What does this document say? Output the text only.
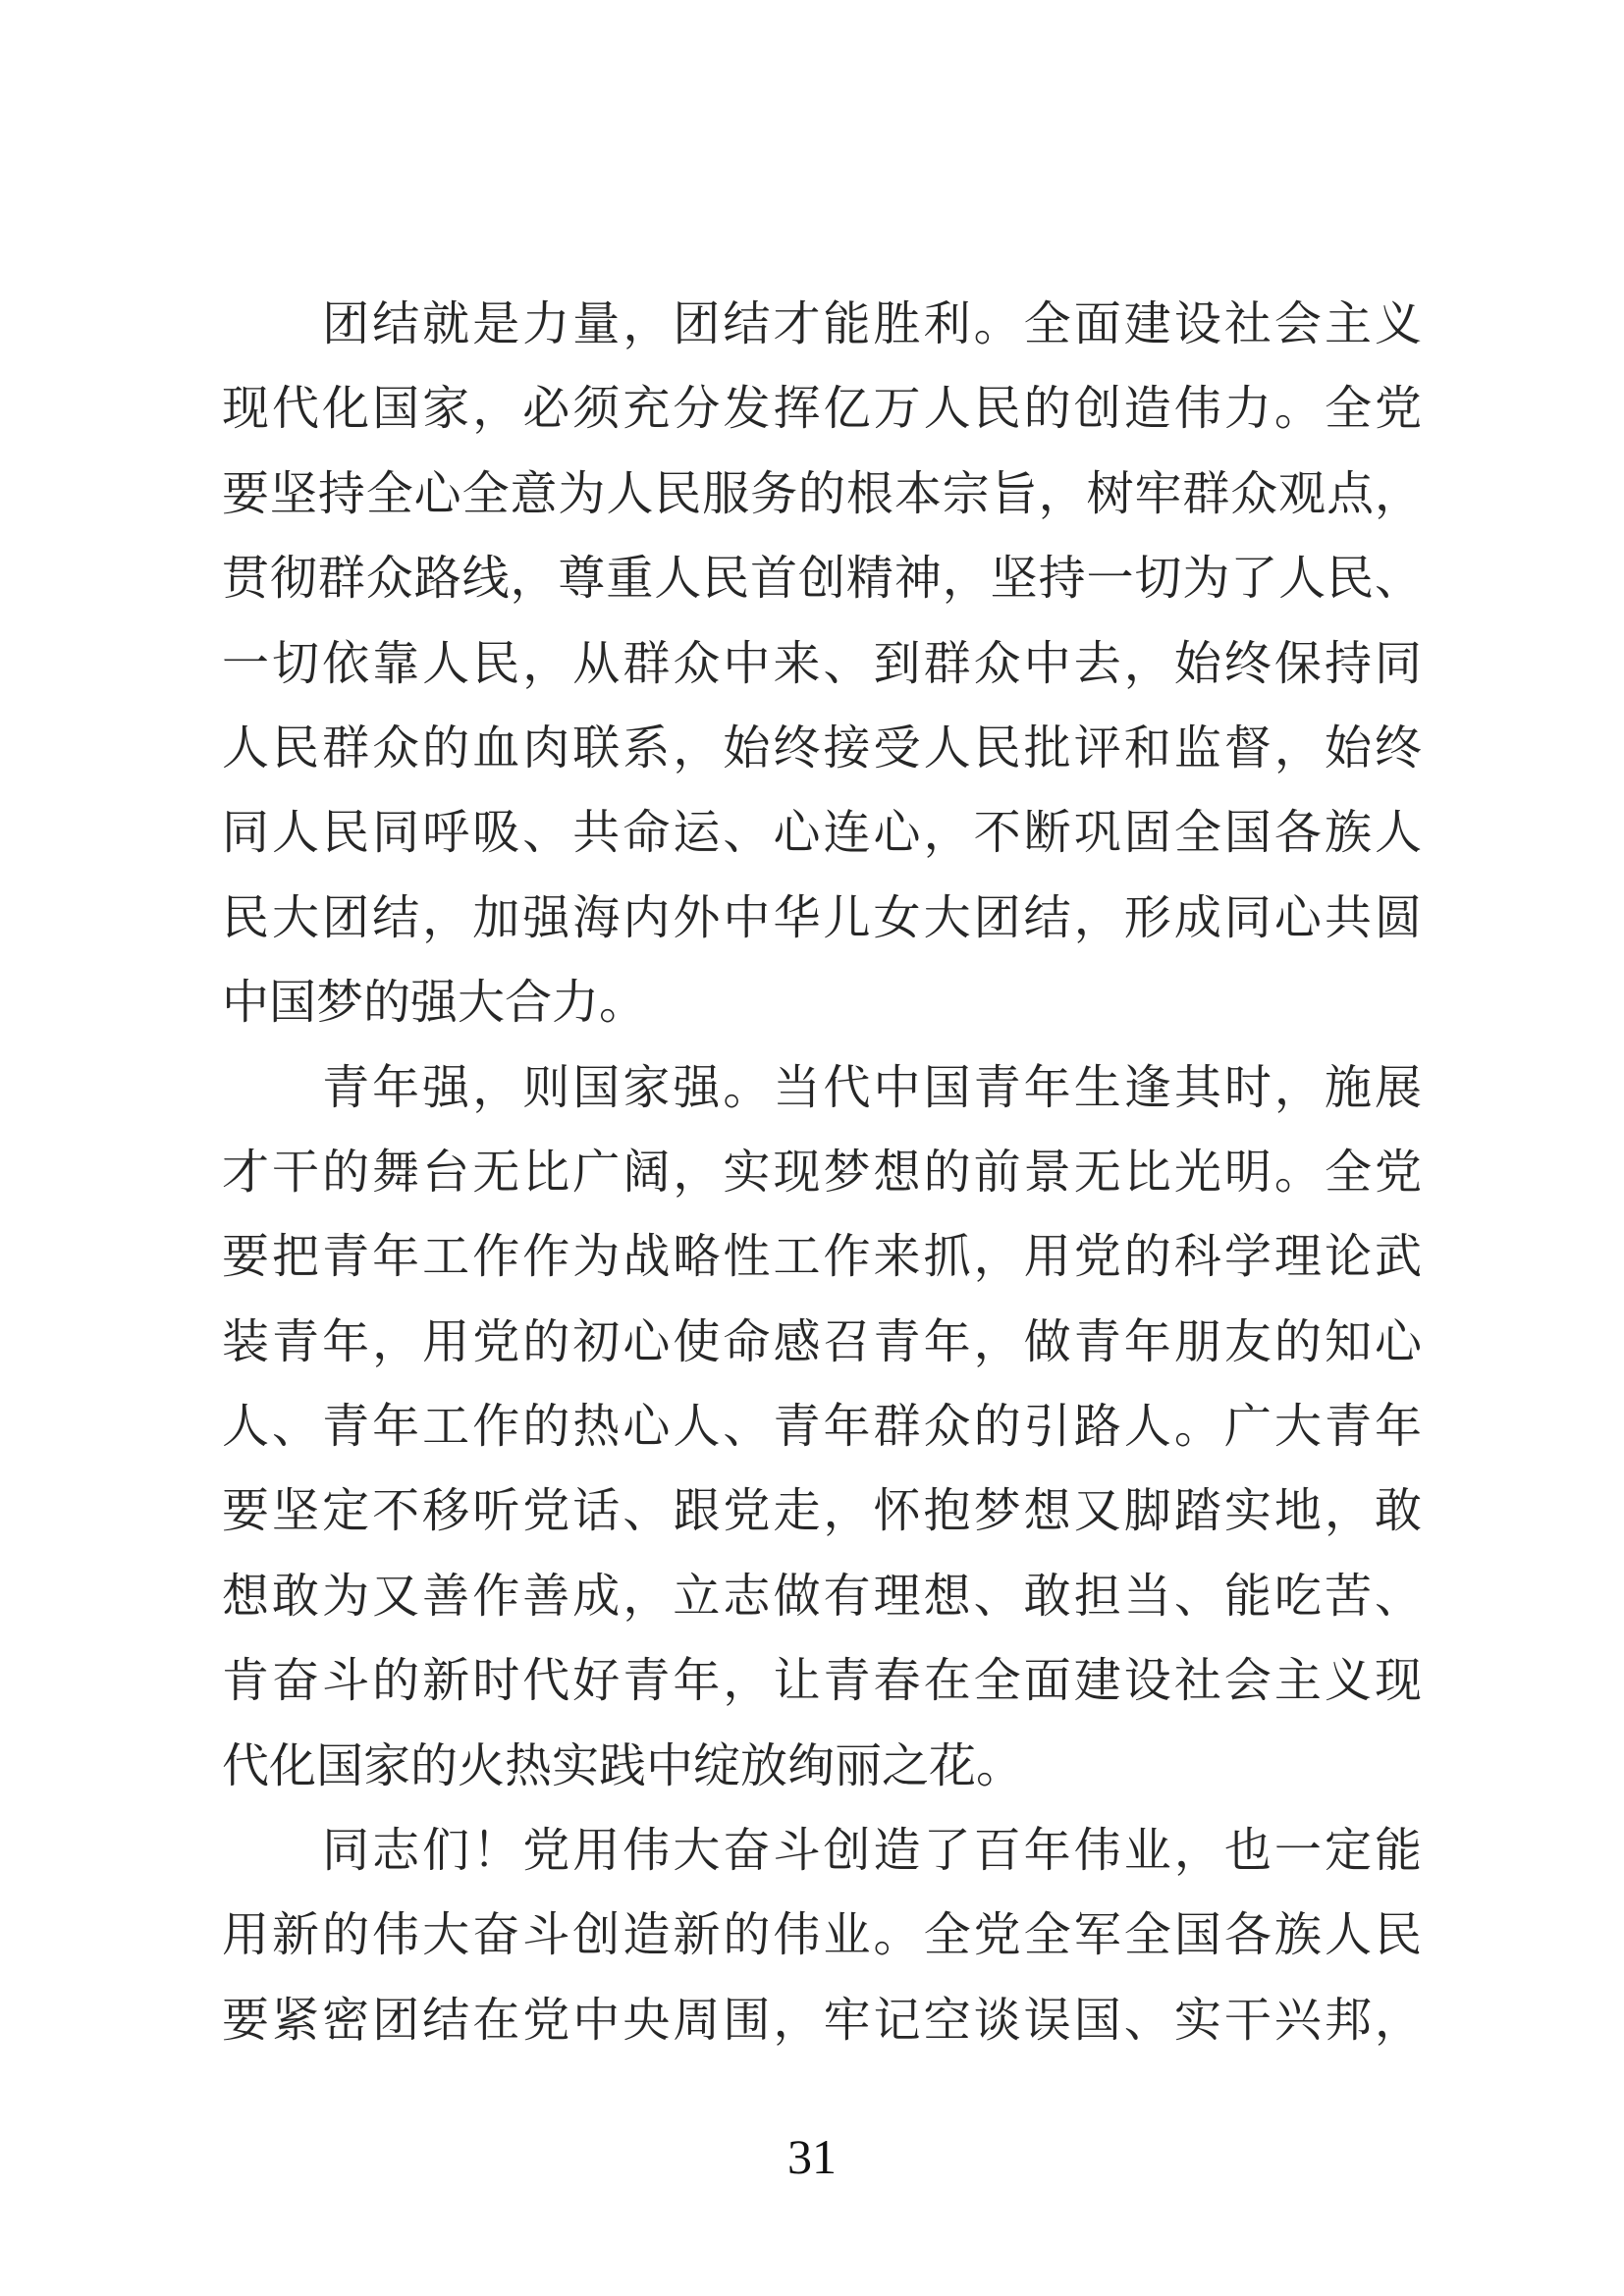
　　团结就是力量，团结才能胜利。全面建设社会主义
现代化国家，必须充分发挥亿万人民的创造伟力。全党
要坚持全心全意为人民服务的根本宗旨，树牢群众观点，
贯彻群众路线，尊重人民首创精神，坚持一切为了人民、
一切依靠人民，从群众中来、到群众中去，始终保持同
人民群众的血肉联系，始终接受人民批评和监督，始终
同人民同呼吸、共命运、心连心，不断巩固全国各族人
民大团结，加强海内外中华儿女大团结，形成同心共圆
中国梦的强大合力。
　　青年强，则国家强。当代中国青年生逢其时，施展
才干的舞台无比广阔，实现梦想的前景无比光明。全党
要把青年工作作为战略性工作来抓，用党的科学理论武
装青年，用党的初心使命感召青年，做青年朋友的知心
人、青年工作的热心人、青年群众的引路人。广大青年
要坚定不移听党话、跟党走，怀抱梦想又脚踏实地，敢
想敢为又善作善成，立志做有理想、敢担当、能吃苦、
肯奋斗的新时代好青年，让青春在全面建设社会主义现
代化国家的火热实践中绽放绚丽之花。
　　同志们！党用伟大奋斗创造了百年伟业，也一定能
用新的伟大奋斗创造新的伟业。全党全军全国各族人民
要紧密团结在党中央周围，牢记空谈误国、实干兴邦，
31
